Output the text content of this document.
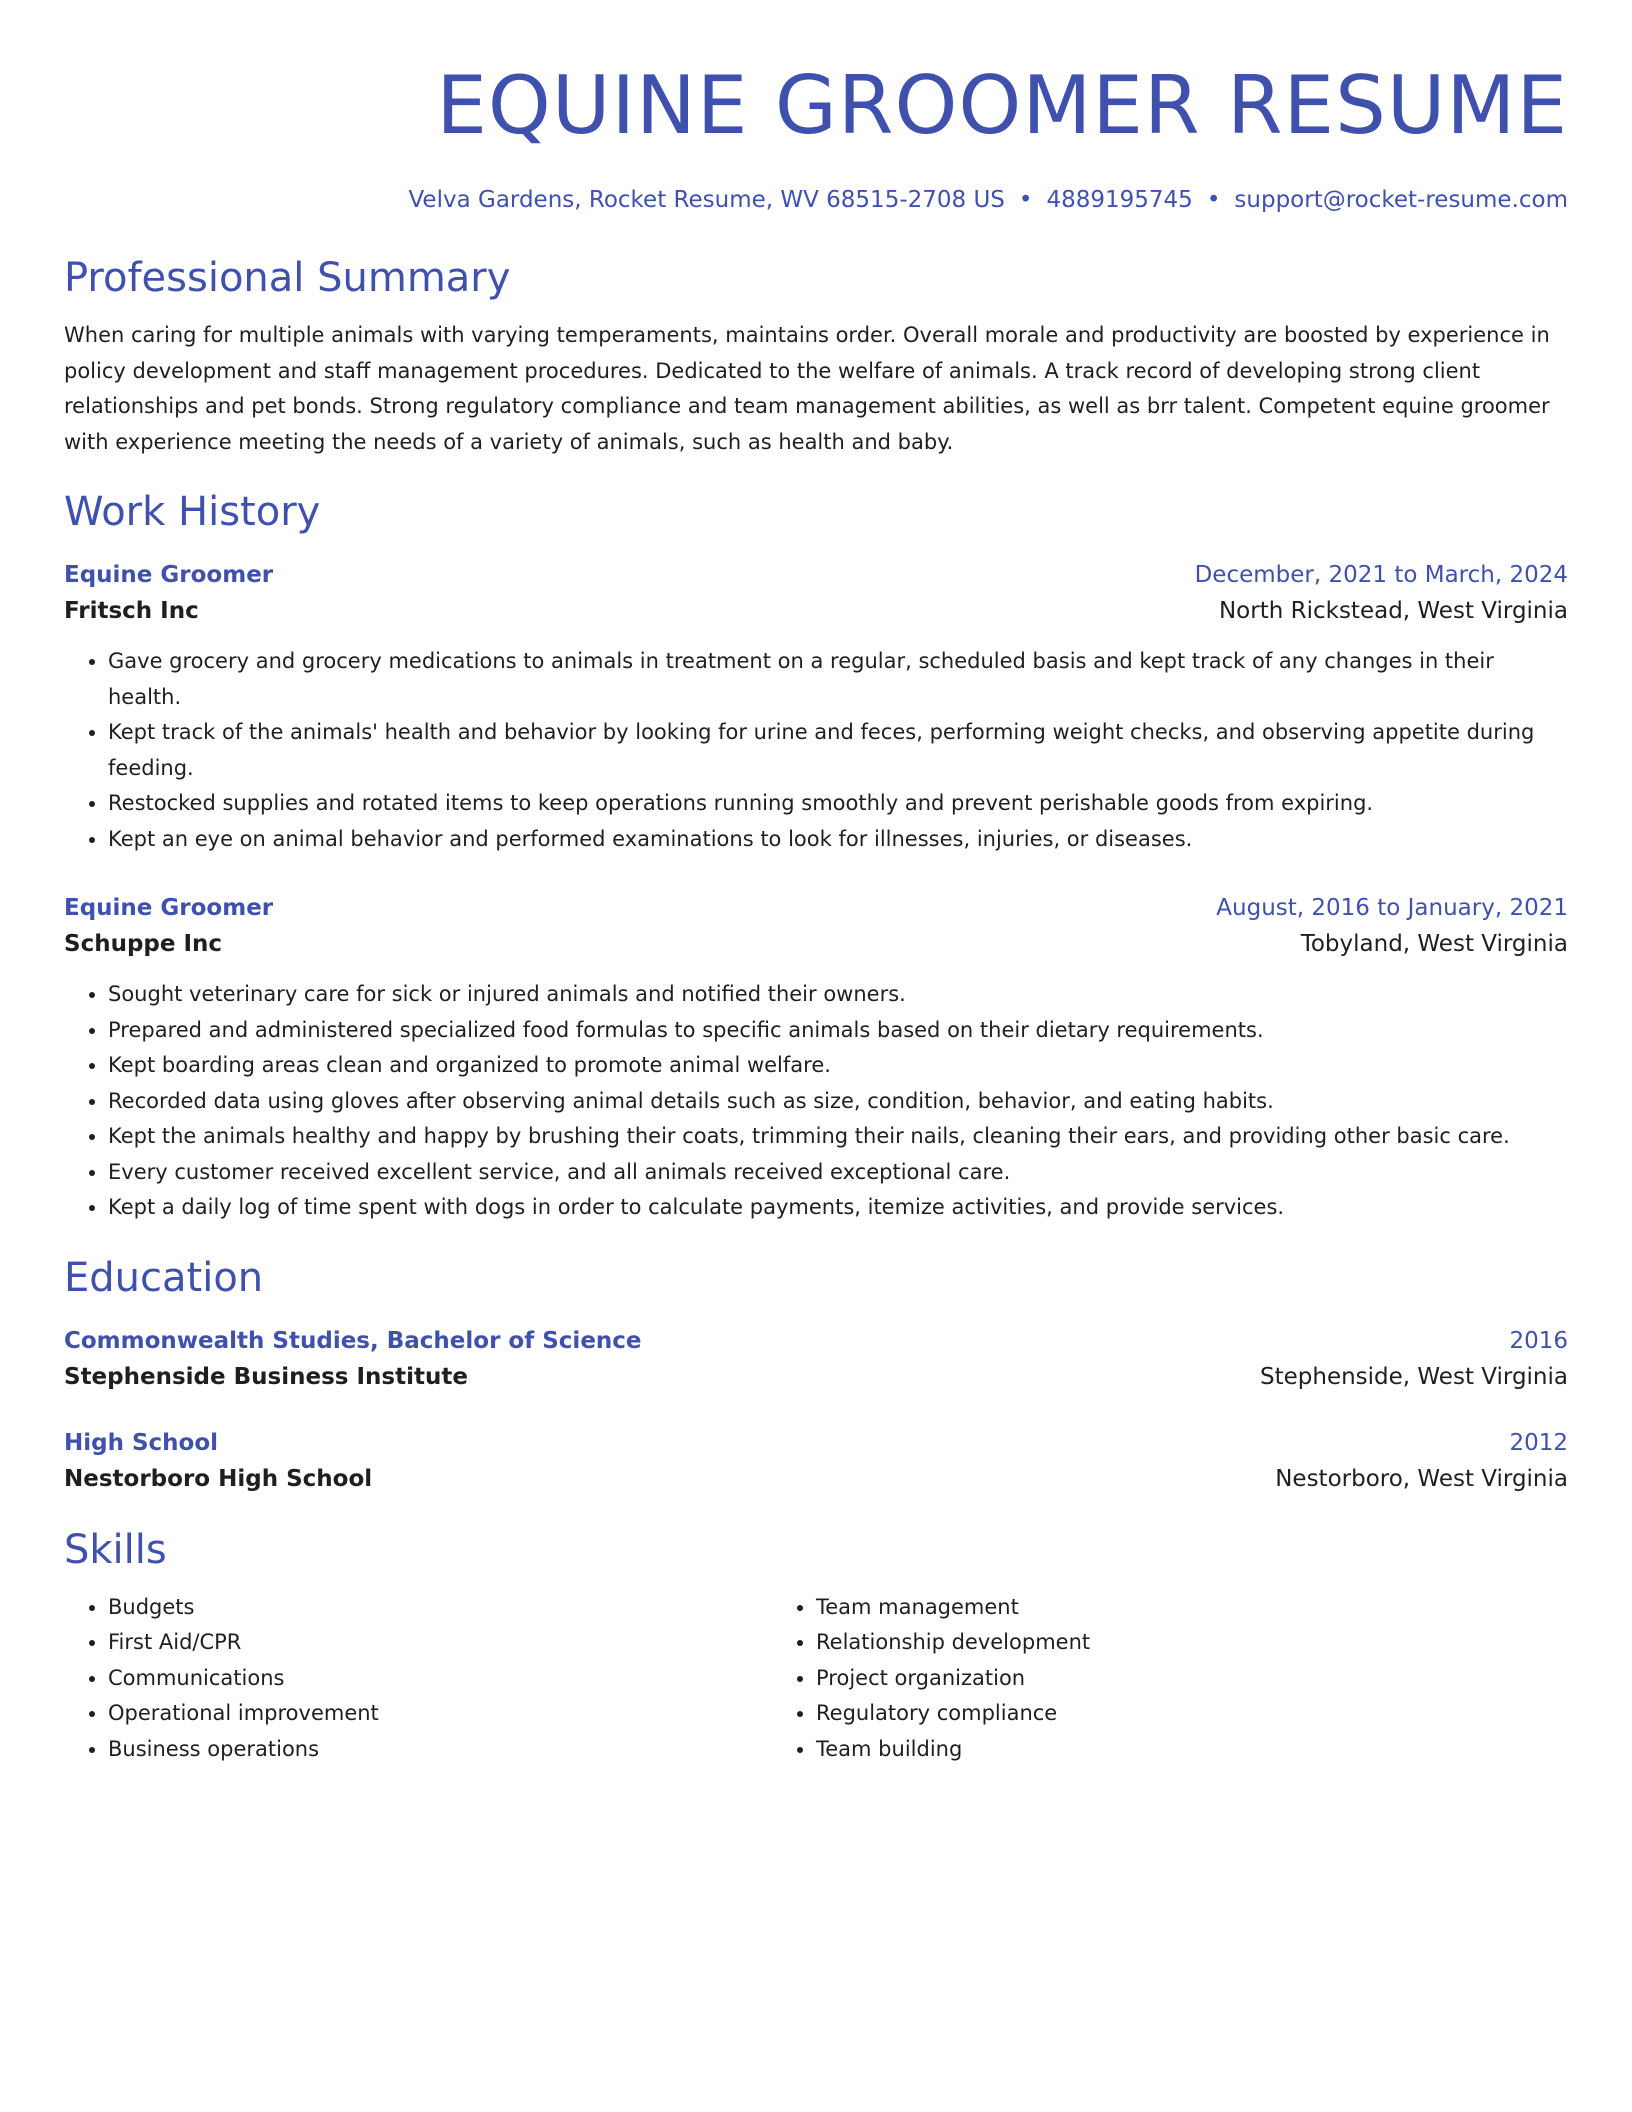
EQUINE GROOMER RESUME
Velva Gardens, Rocket Resume, WV 68515-2708 US • 4889195745 • support@rocket-resume.com
Professional Summary
When caring for multiple animals with varying temperaments, maintains order. Overall morale and productivity are boosted by experience in policy development and staff management procedures. Dedicated to the welfare of animals. A track record of developing strong client relationships and pet bonds. Strong regulatory compliance and team management abilities, as well as brr talent. Competent equine groomer with experience meeting the needs of a variety of animals, such as health and baby.
Work History
Equine Groomer	December, 2021 to March, 2024
Fritsch Inc	North Rickstead, West Virginia
• Gave grocery and grocery medications to animals in treatment on a regular, scheduled basis and kept track of any changes in their health.
• Kept track of the animals' health and behavior by looking for urine and feces, performing weight checks, and observing appetite during feeding.
• Restocked supplies and rotated items to keep operations running smoothly and prevent perishable goods from expiring.
• Kept an eye on animal behavior and performed examinations to look for illnesses, injuries, or diseases.
Equine Groomer	August, 2016 to January, 2021
Schuppe Inc	Tobyland, West Virginia
• Sought veterinary care for sick or injured animals and notified their owners.
• Prepared and administered specialized food formulas to specific animals based on their dietary requirements.
• Kept boarding areas clean and organized to promote animal welfare.
• Recorded data using gloves after observing animal details such as size, condition, behavior, and eating habits.
• Kept the animals healthy and happy by brushing their coats, trimming their nails, cleaning their ears, and providing other basic care.
• Every customer received excellent service, and all animals received exceptional care.
• Kept a daily log of time spent with dogs in order to calculate payments, itemize activities, and provide services.
Education
Commonwealth Studies, Bachelor of Science	2016
Stephenside Business Institute	Stephenside, West Virginia
High School	2012
Nestorboro High School	Nestorboro, West Virginia
Skills
• Budgets
• First Aid/CPR
• Communications
• Operational improvement
• Business operations
• Team management
• Relationship development
• Project organization
• Regulatory compliance
• Team building
